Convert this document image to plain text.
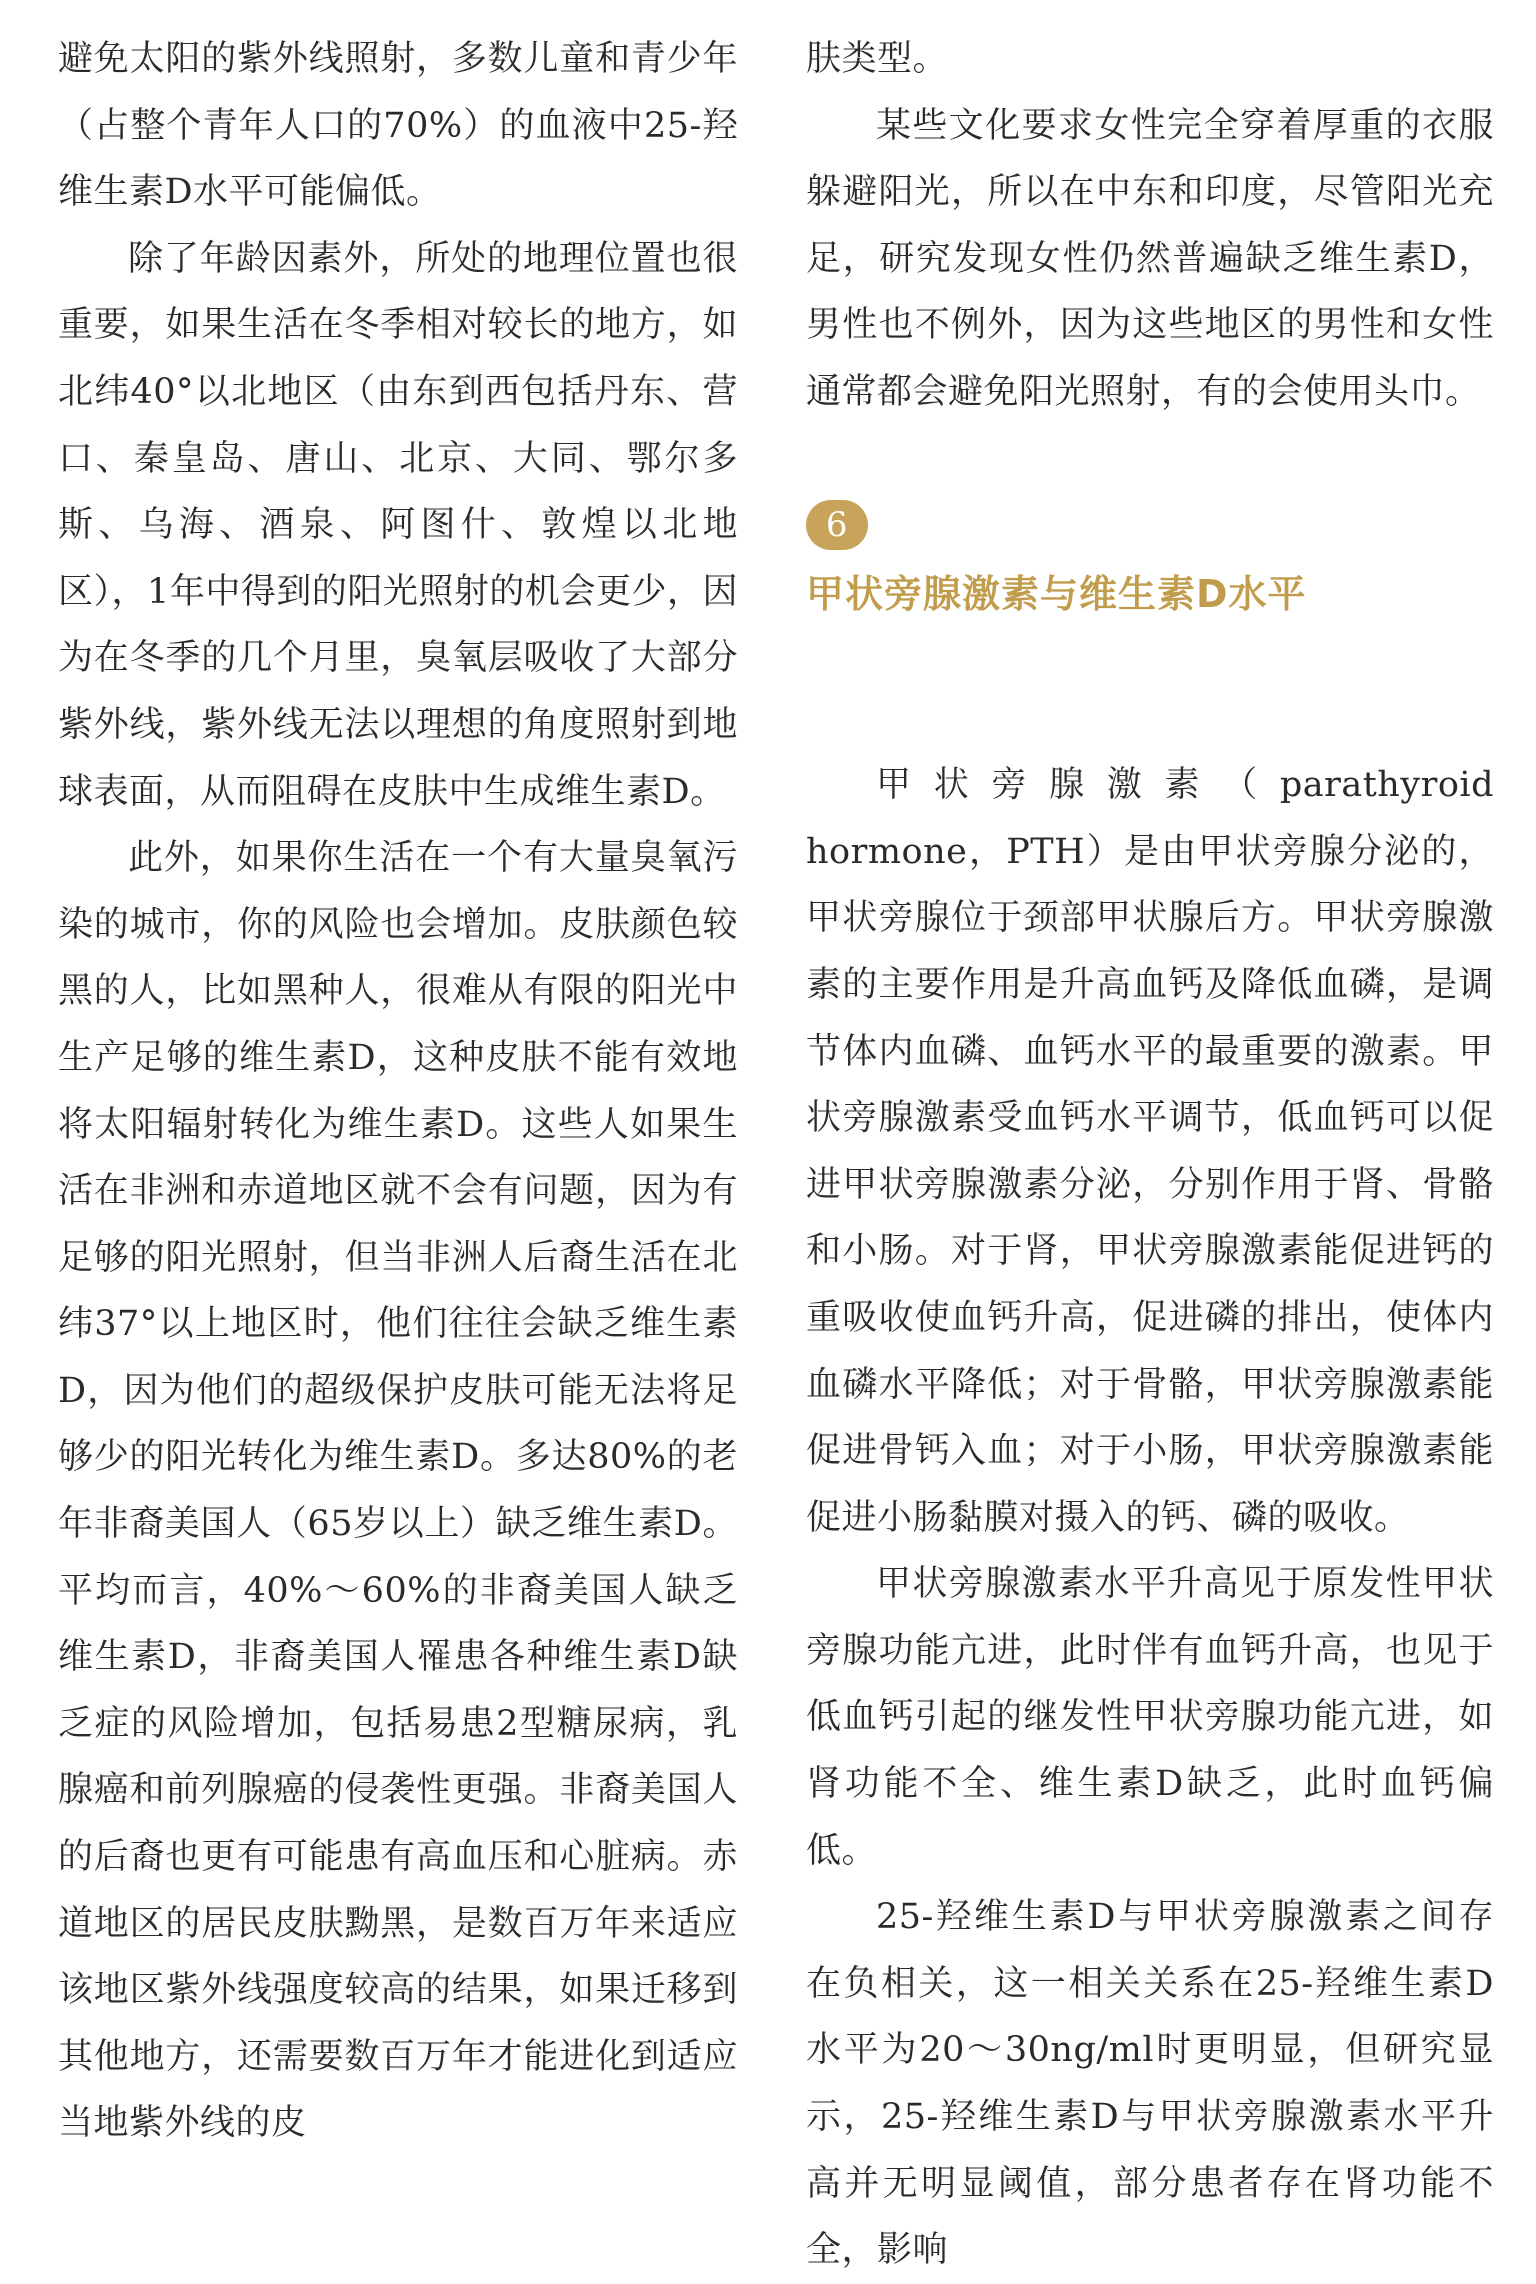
避免太阳的紫外线照射，多数儿童和青少年（占整个青年人口的70%）的血液中25-羟维生素D水平可能偏低。

除了年龄因素外，所处的地理位置也很重要，如果生活在冬季相对较长的地方，如北纬40°以北地区（由东到西包括丹东、营口、秦皇岛、唐山、北京、大同、鄂尔多斯、乌海、酒泉、阿图什、敦煌以北地区），1年中得到的阳光照射的机会更少，因为在冬季的几个月里，臭氧层吸收了大部分紫外线，紫外线无法以理想的角度照射到地球表面，从而阻碍在皮肤中生成维生素D。

此外，如果你生活在一个有大量臭氧污染的城市，你的风险也会增加。皮肤颜色较黑的人，比如黑种人，很难从有限的阳光中生产足够的维生素D，这种皮肤不能有效地将太阳辐射转化为维生素D。这些人如果生活在非洲和赤道地区就不会有问题，因为有足够的阳光照射，但当非洲人后裔生活在北纬37°以上地区时，他们往往会缺乏维生素D，因为他们的超级保护皮肤可能无法将足够少的阳光转化为维生素D。多达80%的老年非裔美国人（65岁以上）缺乏维生素D。平均而言，40%～60%的非裔美国人缺乏维生素D，非裔美国人罹患各种维生素D缺乏症的风险增加，包括易患2型糖尿病，乳腺癌和前列腺癌的侵袭性更强。非裔美国人的后裔也更有可能患有高血压和心脏病。赤道地区的居民皮肤黝黑，是数百万年来适应该地区紫外线强度较高的结果，如果迁移到其他地方，还需要数百万年才能进化到适应当地紫外线的皮

肤类型。

某些文化要求女性完全穿着厚重的衣服躲避阳光，所以在中东和印度，尽管阳光充足，研究发现女性仍然普遍缺乏维生素D，男性也不例外，因为这些地区的男性和女性通常都会避免阳光照射，有的会使用头巾。

6
甲状旁腺激素与维生素D水平

甲状旁腺激素（parathyroid hormone，PTH）是由甲状旁腺分泌的，甲状旁腺位于颈部甲状腺后方。甲状旁腺激素的主要作用是升高血钙及降低血磷，是调节体内血磷、血钙水平的最重要的激素。甲状旁腺激素受血钙水平调节，低血钙可以促进甲状旁腺激素分泌，分别作用于肾、骨骼和小肠。对于肾，甲状旁腺激素能促进钙的重吸收使血钙升高，促进磷的排出，使体内血磷水平降低；对于骨骼，甲状旁腺激素能促进骨钙入血；对于小肠，甲状旁腺激素能促进小肠黏膜对摄入的钙、磷的吸收。

甲状旁腺激素水平升高见于原发性甲状旁腺功能亢进，此时伴有血钙升高，也见于低血钙引起的继发性甲状旁腺功能亢进，如肾功能不全、维生素D缺乏，此时血钙偏低。

25-羟维生素D与甲状旁腺激素之间存在负相关，这一相关关系在25-羟维生素D水平为20～30ng/ml时更明显，但研究显示，25-羟维生素D与甲状旁腺激素水平升高并无明显阈值，部分患者存在肾功能不全，影响
